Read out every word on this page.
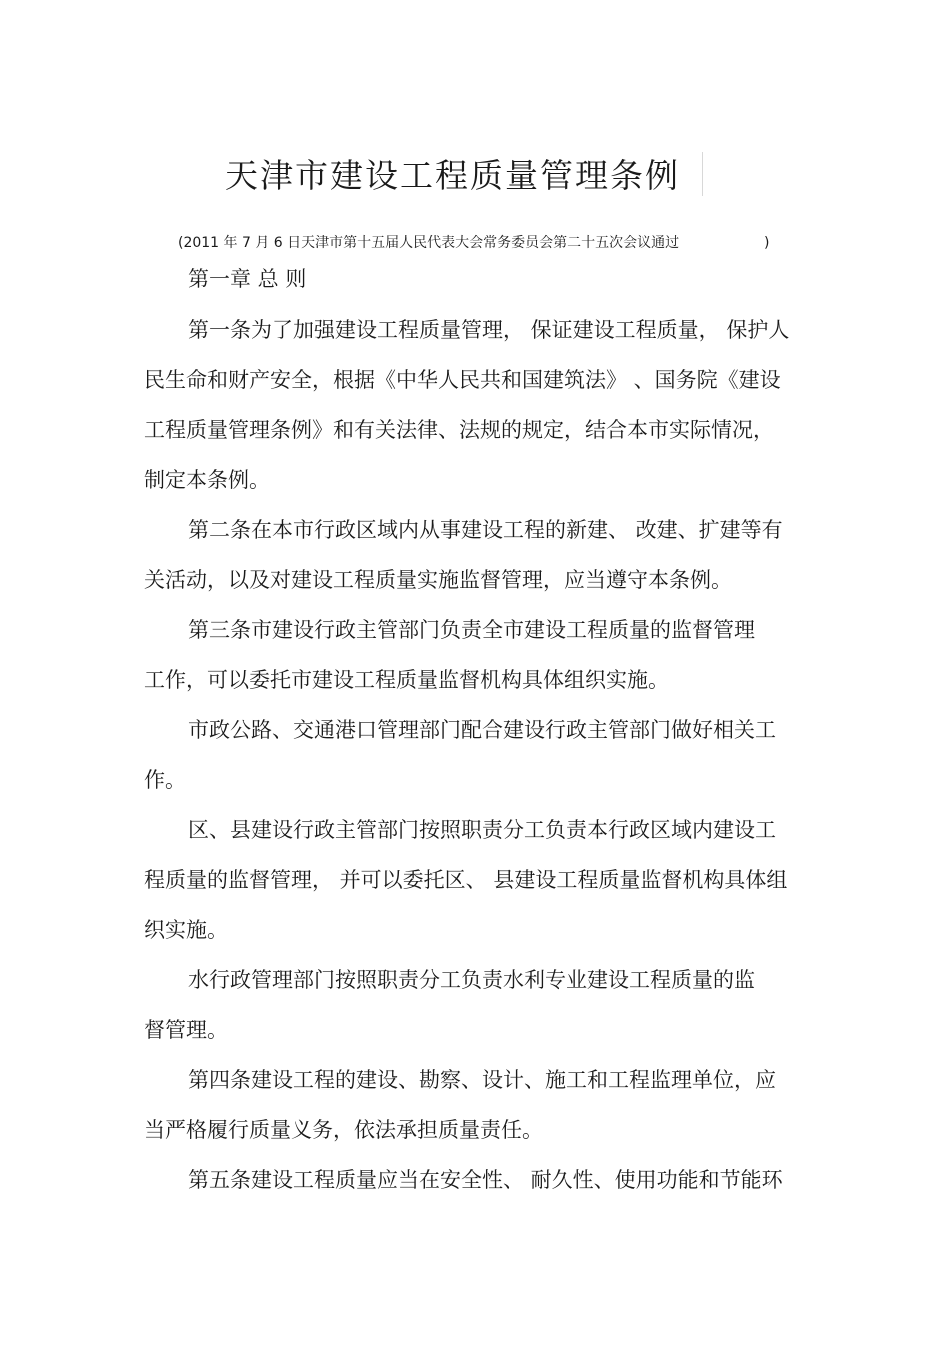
天津市建设工程质量管理条例
(2011 年 7 月 6 日天津市第十五届人民代表大会常务委员会第二十五次会议通过	)

第一章 总 则

第一条为了加强建设工程质量管理， 保证建设工程质量， 保护人

民生命和财产安全，根据《中华人民共和国建筑法》 、国务院《建设

工程质量管理条例》和有关法律、法规的规定，结合本市实际情况，

制定本条例。

第二条在本市行政区域内从事建设工程的新建、 改建、扩建等有

关活动，以及对建设工程质量实施监督管理，应当遵守本条例。

第三条市建设行政主管部门负责全市建设工程质量的监督管理

工作，可以委托市建设工程质量监督机构具体组织实施。

市政公路、交通港口管理部门配合建设行政主管部门做好相关工

作。

区、县建设行政主管部门按照职责分工负责本行政区域内建设工

程质量的监督管理， 并可以委托区、 县建设工程质量监督机构具体组

织实施。

水行政管理部门按照职责分工负责水利专业建设工程质量的监

督管理。

第四条建设工程的建设、勘察、设计、施工和工程监理单位，应

当严格履行质量义务，依法承担质量责任。

第五条建设工程质量应当在安全性、 耐久性、使用功能和节能环
